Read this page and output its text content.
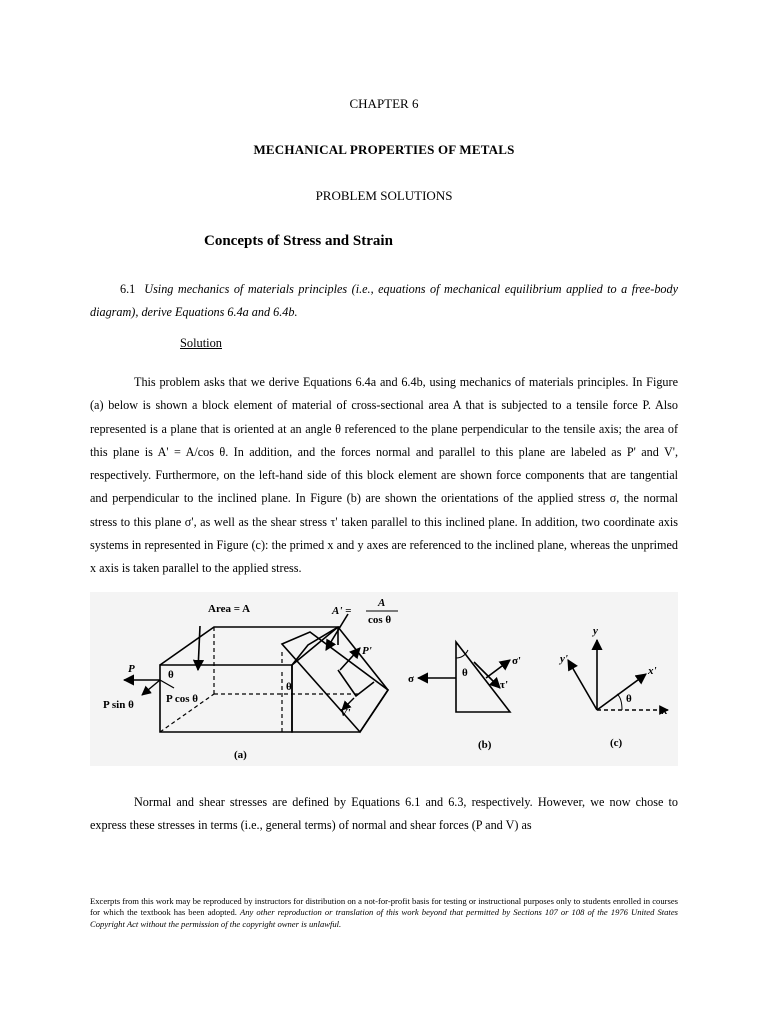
CHAPTER 6
MECHANICAL PROPERTIES OF METALS
PROBLEM SOLUTIONS
Concepts of Stress and Strain
6.1 Using mechanics of materials principles (i.e., equations of mechanical equilibrium applied to a free-body diagram), derive Equations 6.4a and 6.4b.
Solution
This problem asks that we derive Equations 6.4a and 6.4b, using mechanics of materials principles. In Figure (a) below is shown a block element of material of cross-sectional area A that is subjected to a tensile force P. Also represented is a plane that is oriented at an angle θ referenced to the plane perpendicular to the tensile axis; the area of this plane is A' = A/cos θ. In addition, and the forces normal and parallel to this plane are labeled as P' and V', respectively. Furthermore, on the left-hand side of this block element are shown force components that are tangential and perpendicular to the inclined plane. In Figure (b) are shown the orientations of the applied stress σ, the normal stress to this plane σ', as well as the shear stress τ' taken parallel to this inclined plane. In addition, two coordinate axis systems in represented in Figure (c): the primed x and y axes are referenced to the inclined plane, whereas the unprimed x axis is taken parallel to the applied stress.
Area = A	A' =
A
cos θ
P
P'
V'
θ
P sin θ	P cos θ
θ
(a)
σ
σ'
τ'
θ
(b)
y
y'
x'
x
θ
(c)
Normal and shear stresses are defined by Equations 6.1 and 6.3, respectively. However, we now chose to express these stresses in terms (i.e., general terms) of normal and shear forces (P and V) as
Excerpts from this work may be reproduced by instructors for distribution on a not-for-profit basis for testing or instructional purposes only to students enrolled in courses for which the textbook has been adopted. Any other reproduction or translation of this work beyond that permitted by Sections 107 or 108 of the 1976 United States Copyright Act without the permission of the copyright owner is unlawful.
